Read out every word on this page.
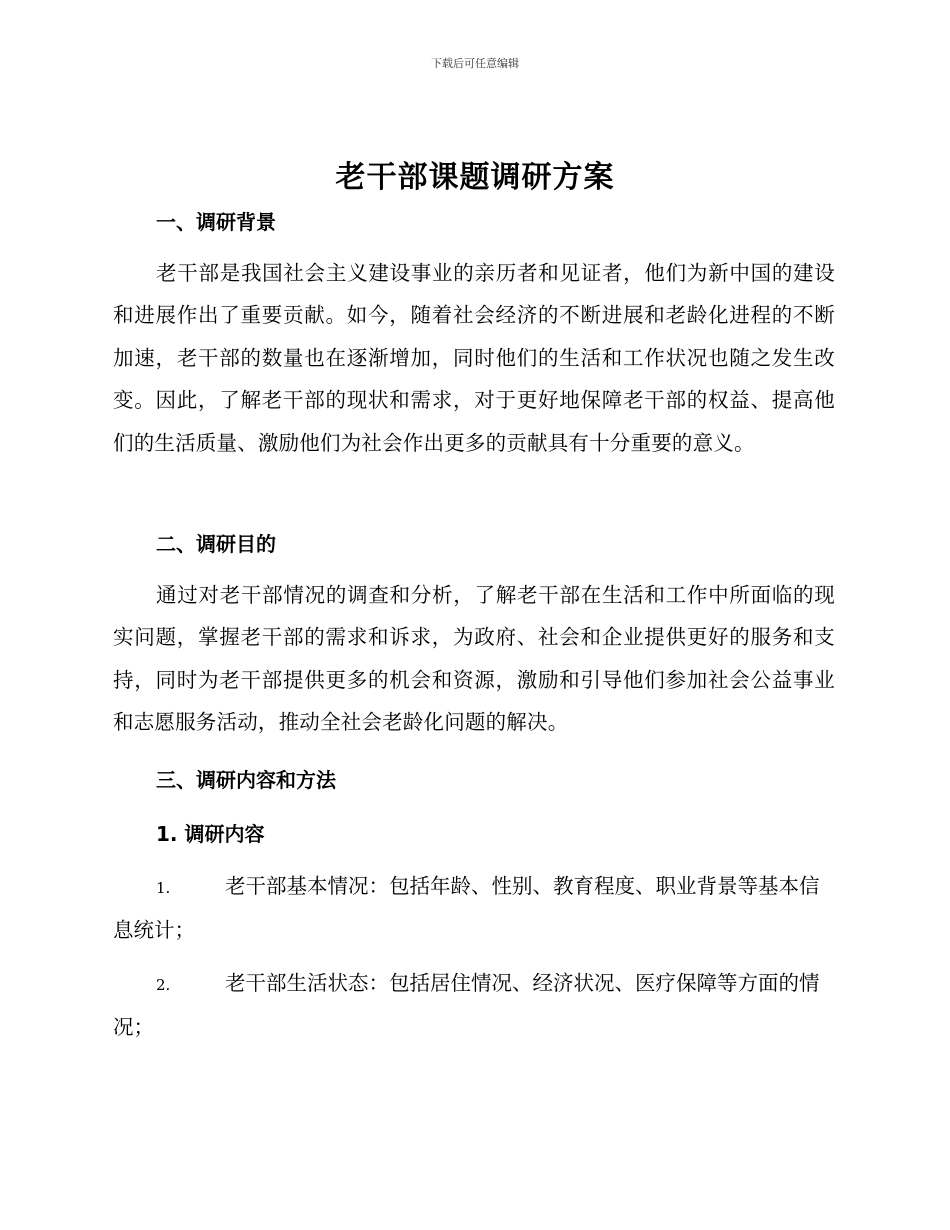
下载后可任意编辑
老干部课题调研方案
一、调研背景

老干部是我国社会主义建设事业的亲历者和见证者，他们为新中国的建设和进展作出了重要贡献。如今，随着社会经济的不断进展和老龄化进程的不断加速，老干部的数量也在逐渐增加，同时他们的生活和工作状况也随之发生改变。因此，了解老干部的现状和需求，对于更好地保障老干部的权益、提高他们的生活质量、激励他们为社会作出更多的贡献具有十分重要的意义。

二、调研目的

通过对老干部情况的调查和分析，了解老干部在生活和工作中所面临的现实问题，掌握老干部的需求和诉求，为政府、社会和企业提供更好的服务和支持，同时为老干部提供更多的机会和资源，激励和引导他们参加社会公益事业和志愿服务活动，推动全社会老龄化问题的解决。

三、调研内容和方法
1. 调研内容

1.	老干部基本情况：包括年龄、性别、教育程度、职业背景等基本信息统计；

2.	老干部生活状态：包括居住情况、经济状况、医疗保障等方面的情况；
